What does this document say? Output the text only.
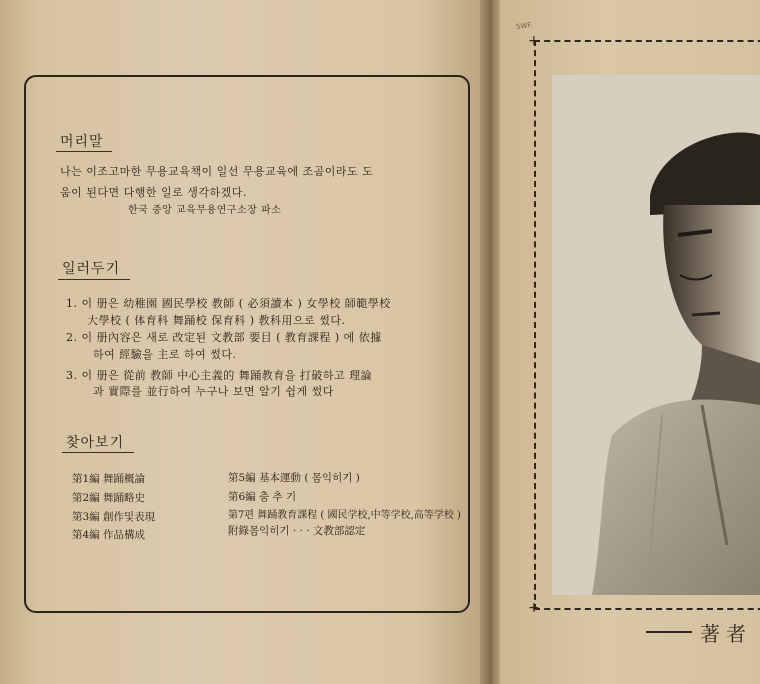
머리말
나는 이조고마한 무용교육책이 일선 무용교육에 조곰이라도 도
움이 된다면 다행한 일로 생각하겠다.
한국 중앙 교육무용연구소장 파소
일러두기
1. 이 册은 幼稚園 國民學校 教師 ( 必須讀本 ) 女學校 師範學校
大學校 ( 体育科 舞踊校 保育科 ) 教科用으로 썼다.
2. 이 册內容은 새로 改定된 文教部 要目 ( 教育課程 ) 에 依據
하여 經驗을 主로 하여 썼다.
3. 이 册은 從前 教師 中心主義的 舞踊教育을 打破하고 理論
과 實際를 並行하여 누구나 보면 알기 쉽게 썼다
찾아보기
第1編 舞踊概論
第2編 舞踊略史
第3編 創作및表現
第4編 作品構成
第5編 基本運動 ( 몸익히기 )
第6編 춤 추 기
第7편 舞踊教育課程 ( 國民学校,中等学校,高等学校 )
附錄몸익히기 · · · 文教部認定
5WF.
+
+
著者
